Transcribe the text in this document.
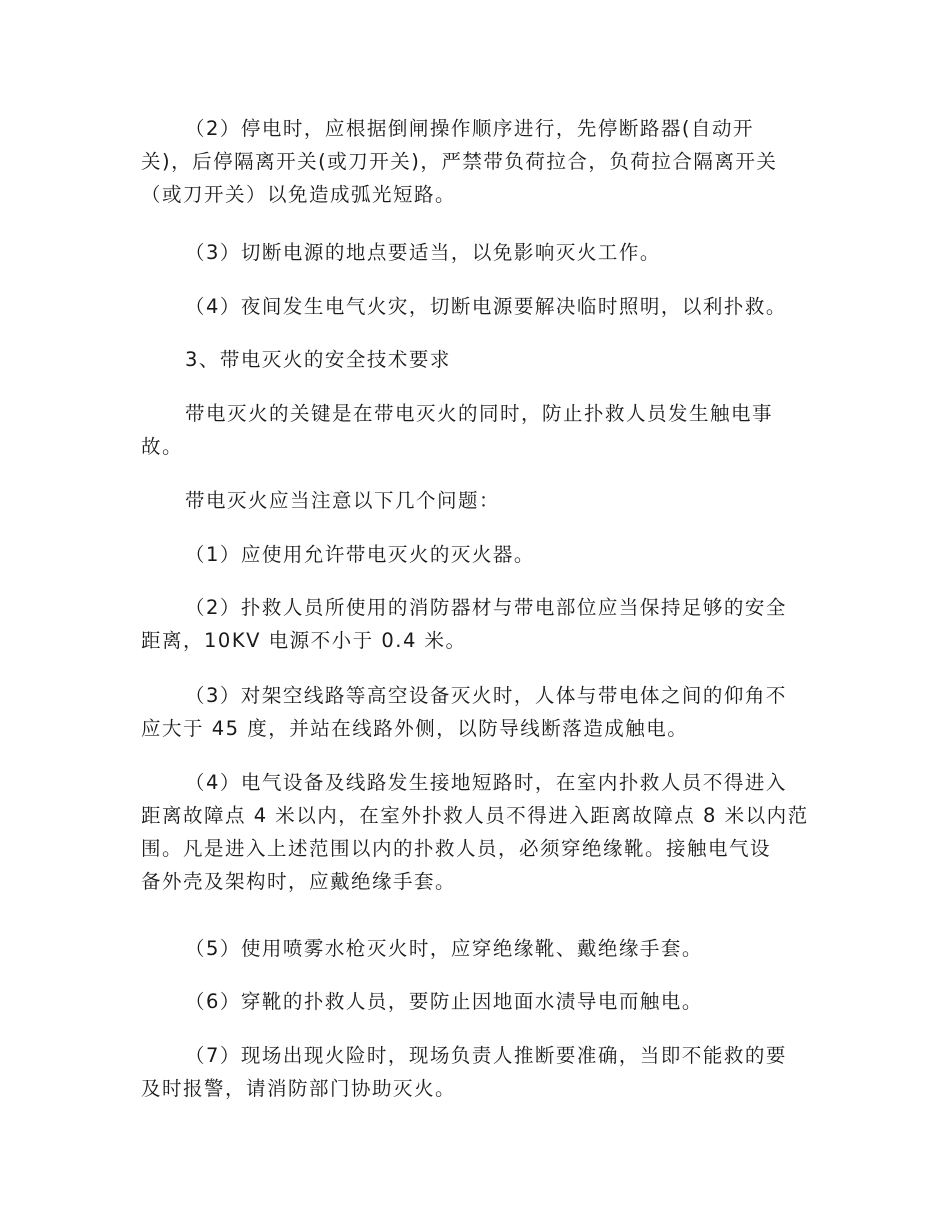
（2）停电时，应根据倒闸操作顺序进行，先停断路器(自动开
关)，后停隔离开关(或刀开关)，严禁带负荷拉合，负荷拉合隔离开关
（或刀开关）以免造成弧光短路。
（3）切断电源的地点要适当，以免影响灭火工作。
（4）夜间发生电气火灾，切断电源要解决临时照明，以利扑救。
3、带电灭火的安全技术要求
带电灭火的关键是在带电灭火的同时，防止扑救人员发生触电事
故。
带电灭火应当注意以下几个问题：
（1）应使用允许带电灭火的灭火器。
（2）扑救人员所使用的消防器材与带电部位应当保持足够的安全
距离，10KV 电源不小于 0.4 米。
（3）对架空线路等高空设备灭火时，人体与带电体之间的仰角不
应大于 45 度，并站在线路外侧，以防导线断落造成触电。
（4）电气设备及线路发生接地短路时，在室内扑救人员不得进入
距离故障点 4 米以内，在室外扑救人员不得进入距离故障点 8 米以内范
围。凡是进入上述范围以内的扑救人员，必须穿绝缘靴。接触电气设
备外壳及架构时，应戴绝缘手套。
（5）使用喷雾水枪灭火时，应穿绝缘靴、戴绝缘手套。
（6）穿靴的扑救人员，要防止因地面水渍导电而触电。
（7）现场出现火险时，现场负责人推断要准确，当即不能救的要
及时报警，请消防部门协助灭火。
